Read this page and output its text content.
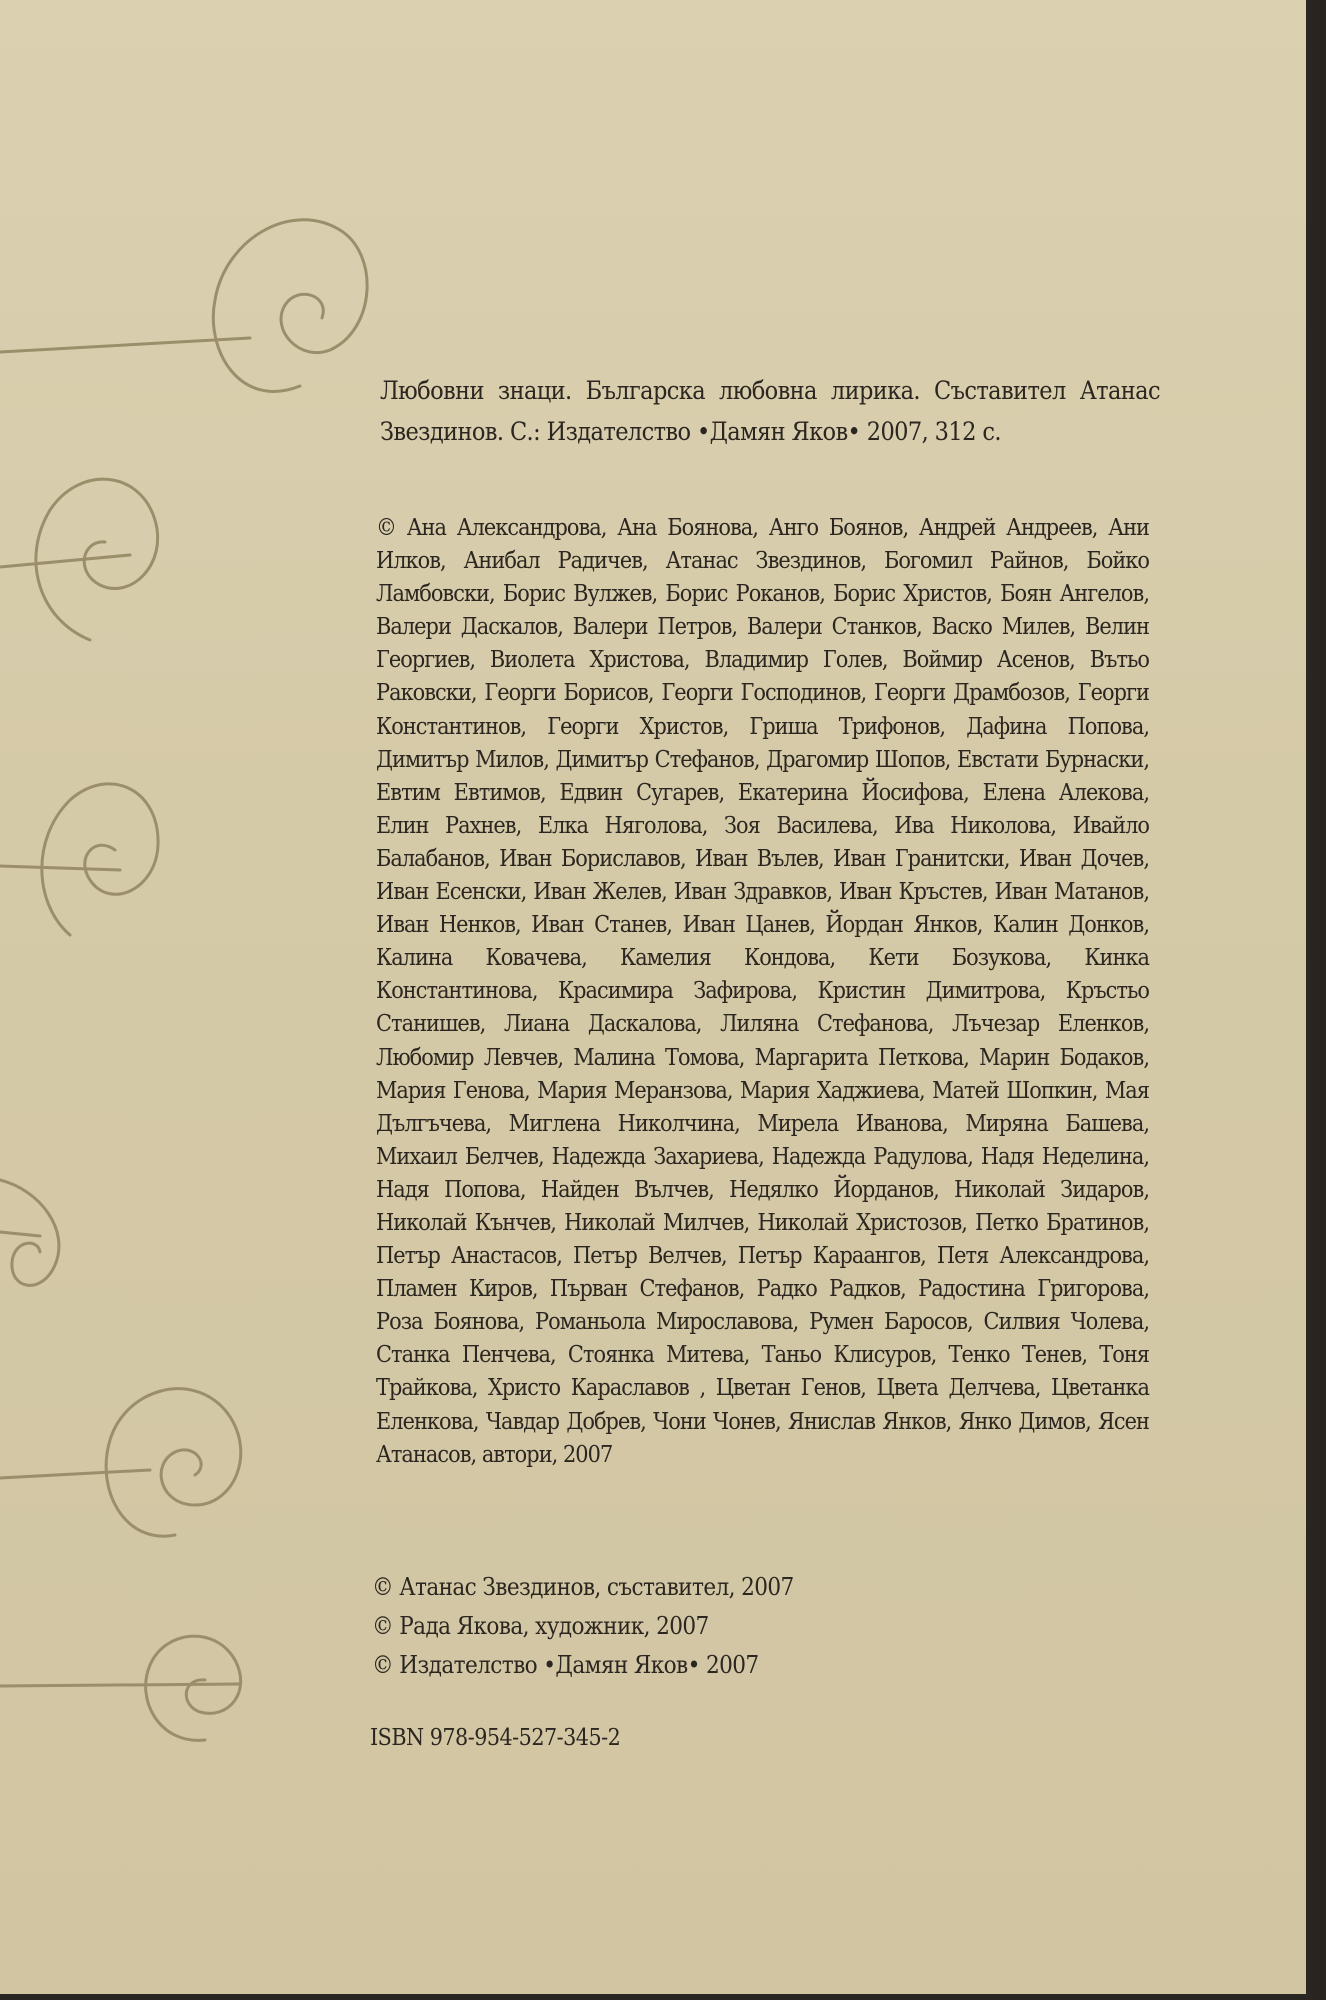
Любовни знаци. Българска любовна лирика. Съставител Атанас Звездинов. С.: Издателство •Дамян Яков• 2007, 312 с.
© Ана Александрова, Ана Боянова, Анго Боянов, Андрей Андреев, Ани Илков, Анибал Радичев, Атанас Звездинов, Богомил Райнов, Бойко Ламбовски, Борис Вулжев, Борис Роканов, Борис Христов, Боян Ангелов, Валери Даскалов, Валери Петров, Валери Станков, Васко Милев, Велин Георгиев, Виолета Христова, Владимир Голев, Воймир Асенов, Вътьо Раковски, Георги Борисов, Георги Господинов, Георги Драмбозов, Георги Константинов, Георги Христов, Гриша Трифонов, Дафина Попова, Димитър Милов, Димитър Стефанов, Драгомир Шопов, Евстати Бурнаски, Евтим Евтимов, Едвин Сугарев, Екатерина Йосифова, Елена Алекова, Елин Рахнев, Елка Няголова, Зоя Василева, Ива Николова, Ивайло Балабанов, Иван Бориславов, Иван Вълев, Иван Гранитски, Иван Дочев, Иван Есенски, Иван Желев, Иван Здравков, Иван Кръстев, Иван Матанов, Иван Ненков, Иван Станев, Иван Цанев, Йордан Янков, Калин Донков, Калина Ковачева, Камелия Кондова, Кети Бозукова, Кинка Константинова, Красимира Зафирова, Кристин Димитрова, Кръстьо Станишев, Лиана Даскалова, Лиляна Стефанова, Лъчезар Еленков, Любомир Левчев, Малина Томова, Маргарита Петкова, Марин Бодаков, Мария Генова, Мария Меранзова, Мария Хаджиева, Матей Шопкин, Мая Дългъчева, Миглена Николчина, Мирела Иванова, Миряна Башева, Михаил Белчев, Надежда Захариева, Надежда Радулова, Надя Неделина, Надя Попова, Найден Вълчев, Недялко Йорданов, Николай Зидаров, Николай Кънчев, Николай Милчев, Николай Христозов, Петко Братинов, Петър Анастасов, Петър Велчев, Петър Караангов, Петя Александрова, Пламен Киров, Първан Стефанов, Радко Радков, Радостина Григорова, Роза Боянова, Романьола Мирославова, Румен Баросов, Силвия Чолева, Станка Пенчева, Стоянка Митева, Таньо Клисуров, Тенко Тенев, Тоня Трайкова, Христо Караславов , Цветан Генов, Цвета Делчева, Цветанка Еленкова, Чавдар Добрев, Чони Чонев, Янислав Янков, Янко Димов, Ясен Атанасов, автори, 2007
© Атанас Звездинов, съставител, 2007
© Рада Якова, художник, 2007
© Издателство •Дамян Яков• 2007
ISBN 978-954-527-345-2
